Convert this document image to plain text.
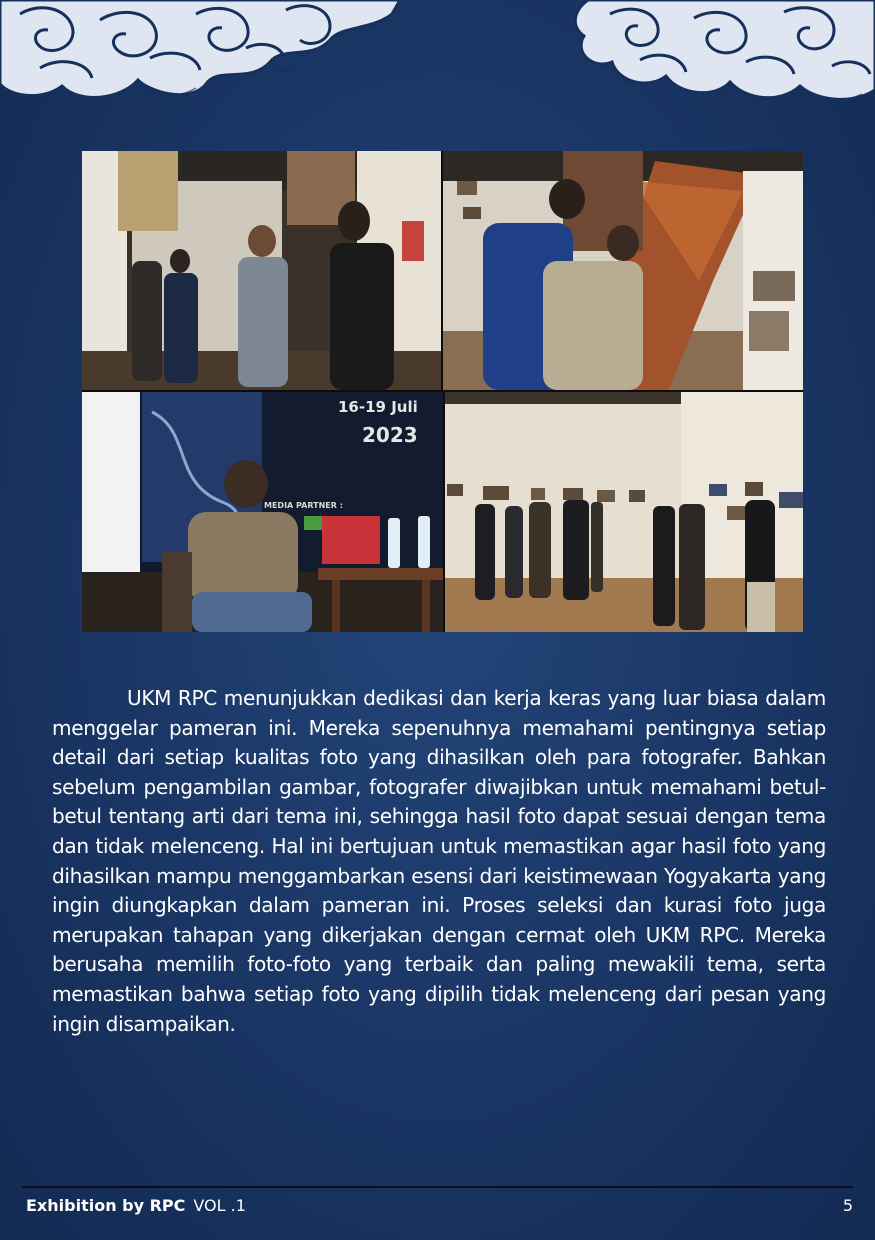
16-19 Juli
2023
MEDIA PARTNER :

UKM RPC menunjukkan dedikasi dan kerja keras yang luar biasa dalam menggelar pameran ini. Mereka sepenuhnya memahami pentingnya setiap detail dari setiap kualitas foto yang dihasilkan oleh para fotografer. Bahkan sebelum pengambilan gambar, fotografer diwajibkan untuk memahami betul-betul tentang arti dari tema ini, sehingga hasil foto dapat sesuai dengan tema dan tidak melenceng. Hal ini bertujuan untuk memastikan agar hasil foto yang dihasilkan mampu menggambarkan esensi dari keistimewaan Yogyakarta yang ingin diungkapkan dalam pameran ini. Proses seleksi dan kurasi foto juga merupakan tahapan yang dikerjakan dengan cermat oleh UKM RPC. Mereka berusaha memilih foto-foto yang terbaik dan paling mewakili tema, serta memastikan bahwa setiap foto yang dipilih tidak melenceng dari pesan yang ingin disampaikan.

Exhibition by RPC VOL .1	5
